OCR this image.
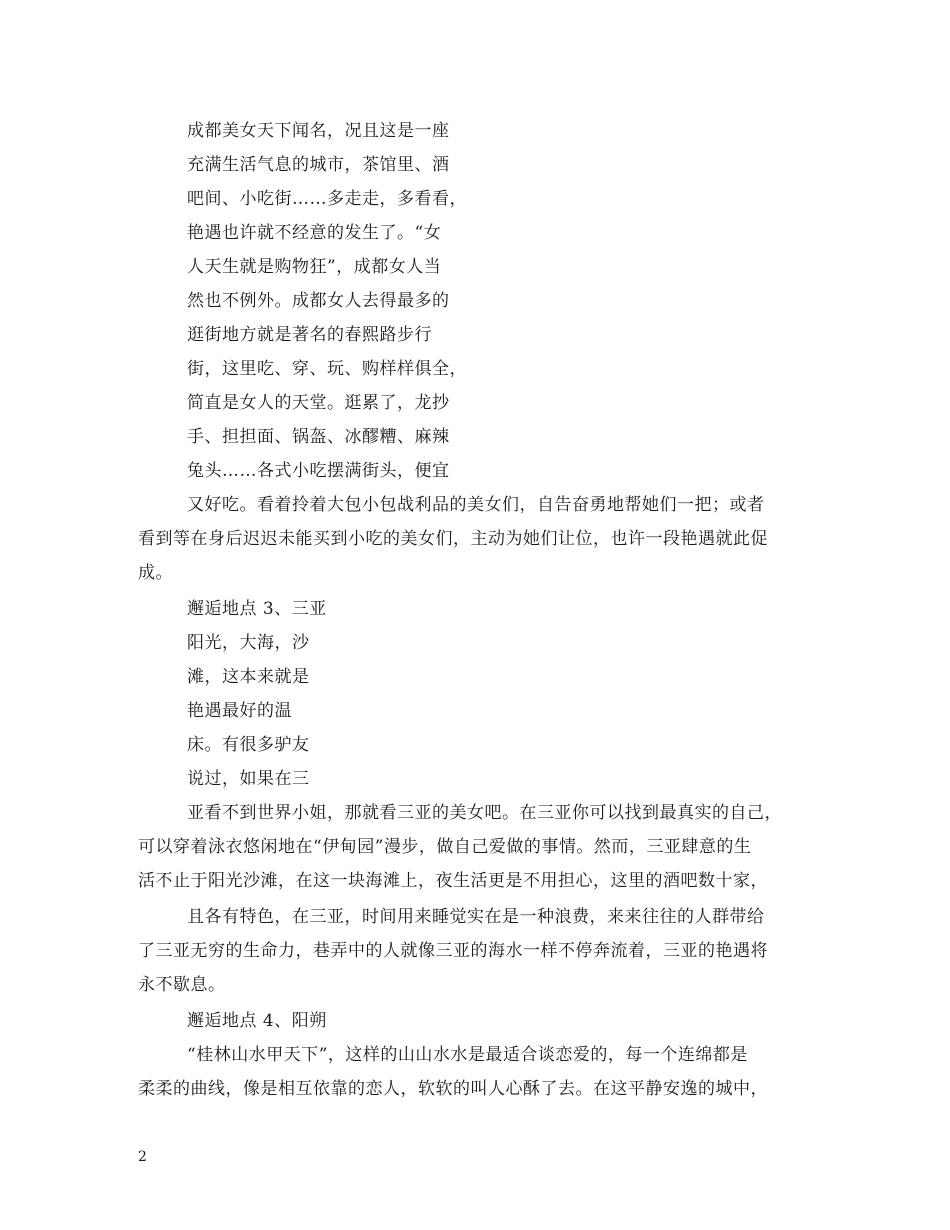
成都美女天下闻名，况且这是一座

充满生活气息的城市，茶馆里、酒

吧间、小吃街……多走走，多看看，

艳遇也许就不经意的发生了。“女

人天生就是购物狂”，成都女人当

然也不例外。成都女人去得最多的

逛街地方就是著名的春熙路步行

街，这里吃、穿、玩、购样样俱全，

简直是女人的天堂。逛累了，龙抄

手、担担面、锅盔、冰醪糟、麻辣

兔头……各式小吃摆满街头，便宜

又好吃。看着拎着大包小包战利品的美女们，自告奋勇地帮她们一把；或者

看到等在身后迟迟未能买到小吃的美女们，主动为她们让位，也许一段艳遇就此促

成。

邂逅地点 3、三亚

阳光，大海，沙

滩，这本来就是

艳遇最好的温

床。有很多驴友

说过，如果在三

亚看不到世界小姐，那就看三亚的美女吧。在三亚你可以找到最真实的自己，

可以穿着泳衣悠闲地在“伊甸园”漫步，做自己爱做的事情。然而，三亚肆意的生

活不止于阳光沙滩，在这一块海滩上，夜生活更是不用担心，这里的酒吧数十家，

且各有特色，在三亚，时间用来睡觉实在是一种浪费，来来往往的人群带给

了三亚无穷的生命力，巷弄中的人就像三亚的海水一样不停奔流着，三亚的艳遇将

永不歇息。

邂逅地点 4、阳朔

“桂林山水甲天下”，这样的山山水水是最适合谈恋爱的，每一个连绵都是

柔柔的曲线，像是相互依靠的恋人，软软的叫人心酥了去。在这平静安逸的城中，

2
